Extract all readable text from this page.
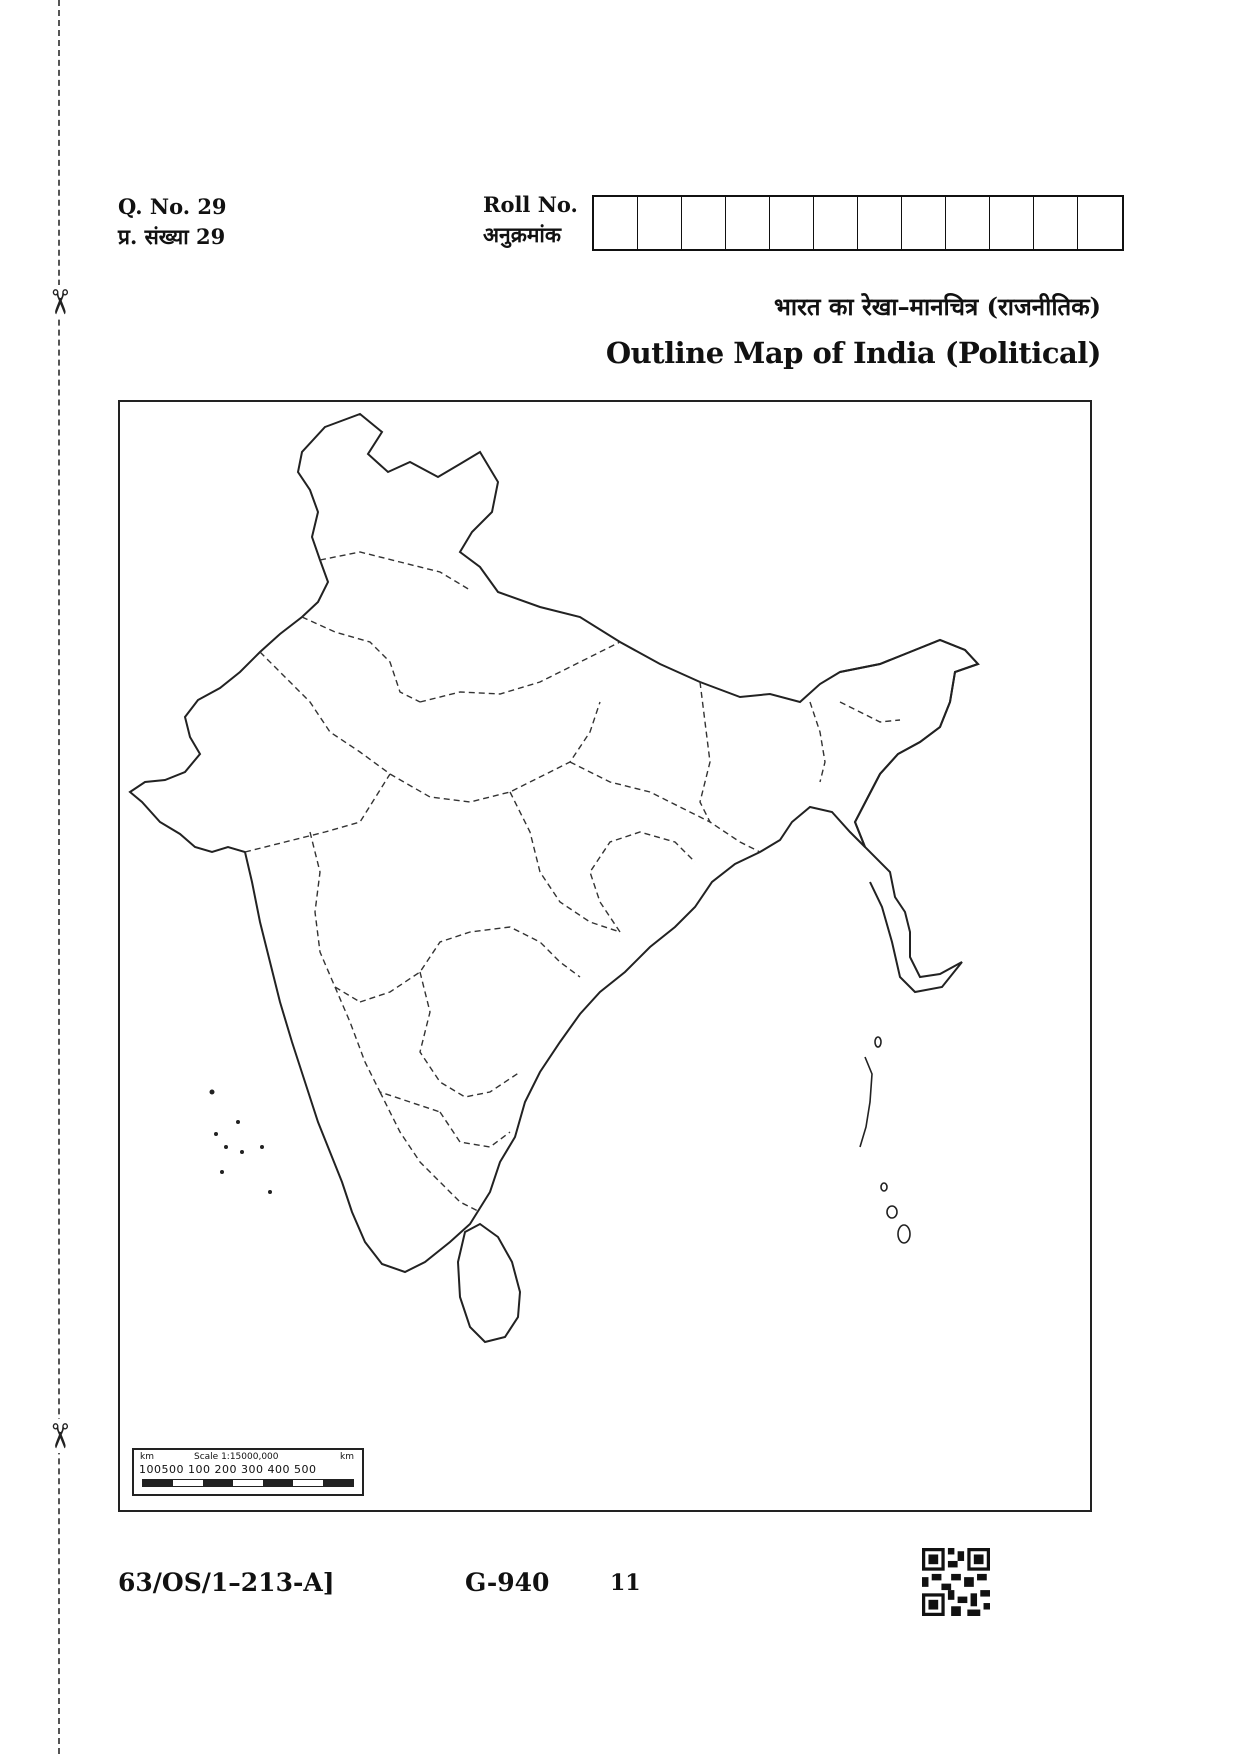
✂
✂
Q. No. 29
प्र. संख्या 29
Roll No.
अनुक्रमांक
भारत का रेखा–मानचित्र (राजनीतिक)
Outline Map of India (Political)
km	Scale 1:15000,000	km
100500 100 200 300 400 500
63/OS/1–213-A]	G-940	11
